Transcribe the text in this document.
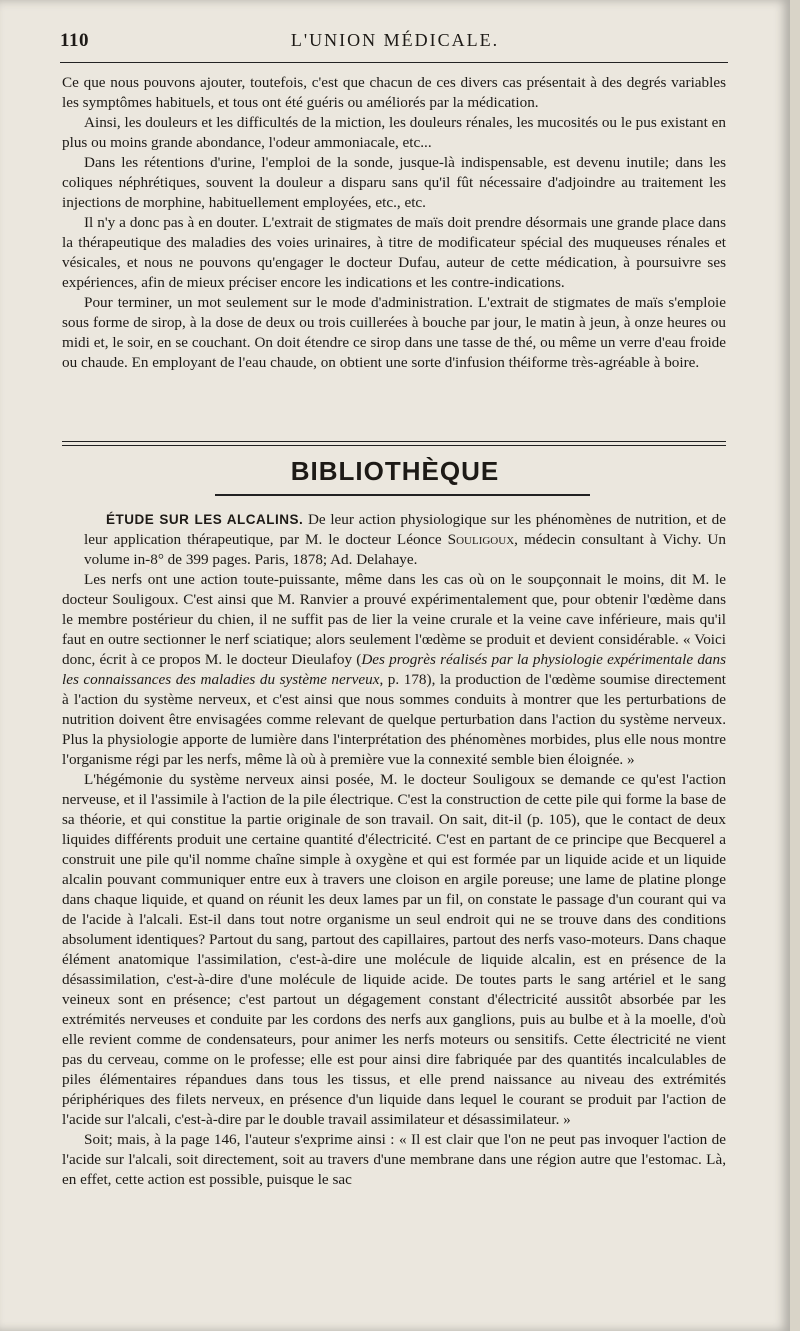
110	L'UNION MÉDICALE.

Ce que nous pouvons ajouter, toutefois, c'est que chacun de ces divers cas présentait à des degrés variables les symptômes habituels, et tous ont été guéris ou améliorés par la médication.

Ainsi, les douleurs et les difficultés de la miction, les douleurs rénales, les mucosités ou le pus existant en plus ou moins grande abondance, l'odeur ammoniacale, etc...

Dans les rétentions d'urine, l'emploi de la sonde, jusque-là indispensable, est devenu inutile; dans les coliques néphrétiques, souvent la douleur a disparu sans qu'il fût nécessaire d'adjoindre au traitement les injections de morphine, habituellement employées, etc., etc.

Il n'y a donc pas à en douter. L'extrait de stigmates de maïs doit prendre désormais une grande place dans la thérapeutique des maladies des voies urinaires, à titre de modificateur spécial des muqueuses rénales et vésicales, et nous ne pouvons qu'engager le docteur Dufau, auteur de cette médication, à poursuivre ses expériences, afin de mieux préciser encore les indications et les contre-indications.

Pour terminer, un mot seulement sur le mode d'administration. L'extrait de stigmates de maïs s'emploie sous forme de sirop, à la dose de deux ou trois cuillerées à bouche par jour, le matin à jeun, à onze heures ou midi et, le soir, en se couchant. On doit étendre ce sirop dans une tasse de thé, ou même un verre d'eau froide ou chaude. En employant de l'eau chaude, on obtient une sorte d'infusion théiforme très-agréable à boire.

BIBLIOTHÈQUE

ÉTUDE SUR LES ALCALINS. De leur action physiologique sur les phénomènes de nutrition, et de leur application thérapeutique, par M. le docteur Léonce Souligoux, médecin consultant à Vichy. Un volume in-8° de 399 pages. Paris, 1878; Ad. Delahaye.

Les nerfs ont une action toute-puissante, même dans les cas où on le soupçonnait le moins, dit M. le docteur Souligoux. C'est ainsi que M. Ranvier a prouvé expérimentalement que, pour obtenir l'œdème dans le membre postérieur du chien, il ne suffit pas de lier la veine crurale et la veine cave inférieure, mais qu'il faut en outre sectionner le nerf sciatique; alors seulement l'œdème se produit et devient considérable. « Voici donc, écrit à ce propos M. le docteur Dieulafoy (Des progrès réalisés par la physiologie expérimentale dans les connaissances des maladies du système nerveux, p. 178), la production de l'œdème soumise directement à l'action du système nerveux, et c'est ainsi que nous sommes conduits à montrer que les perturbations de nutrition doivent être envisagées comme relevant de quelque perturbation dans l'action du système nerveux. Plus la physiologie apporte de lumière dans l'interprétation des phénomènes morbides, plus elle nous montre l'organisme régi par les nerfs, même là où à première vue la connexité semble bien éloignée. »

L'hégémonie du système nerveux ainsi posée, M. le docteur Souligoux se demande ce qu'est l'action nerveuse, et il l'assimile à l'action de la pile électrique. C'est la construction de cette pile qui forme la base de sa théorie, et qui constitue la partie originale de son travail. On sait, dit-il (p. 105), que le contact de deux liquides différents produit une certaine quantité d'électricité. C'est en partant de ce principe que Becquerel a construit une pile qu'il nomme chaîne simple à oxygène et qui est formée par un liquide acide et un liquide alcalin pouvant communiquer entre eux à travers une cloison en argile poreuse; une lame de platine plonge dans chaque liquide, et quand on réunit les deux lames par un fil, on constate le passage d'un courant qui va de l'acide à l'alcali. Est-il dans tout notre organisme un seul endroit qui ne se trouve dans des conditions absolument identiques? Partout du sang, partout des capillaires, partout des nerfs vaso-moteurs. Dans chaque élément anatomique l'assimilation, c'est-à-dire une molécule de liquide alcalin, est en présence de la désassimilation, c'est-à-dire d'une molécule de liquide acide. De toutes parts le sang artériel et le sang veineux sont en présence; c'est partout un dégagement constant d'électricité aussitôt absorbée par les extrémités nerveuses et conduite par les cordons des nerfs aux ganglions, puis au bulbe et à la moelle, d'où elle revient comme de condensateurs, pour animer les nerfs moteurs ou sensitifs. Cette électricité ne vient pas du cerveau, comme on le professe; elle est pour ainsi dire fabriquée par des quantités incalculables de piles élémentaires répandues dans tous les tissus, et elle prend naissance au niveau des extrémités périphériques des filets nerveux, en présence d'un liquide dans lequel le courant se produit par l'action de l'acide sur l'alcali, c'est-à-dire par le double travail assimilateur et désassimilateur. »

Soit; mais, à la page 146, l'auteur s'exprime ainsi : « Il est clair que l'on ne peut pas invoquer l'action de l'acide sur l'alcali, soit directement, soit au travers d'une membrane dans une région autre que l'estomac. Là, en effet, cette action est possible, puisque le sac
